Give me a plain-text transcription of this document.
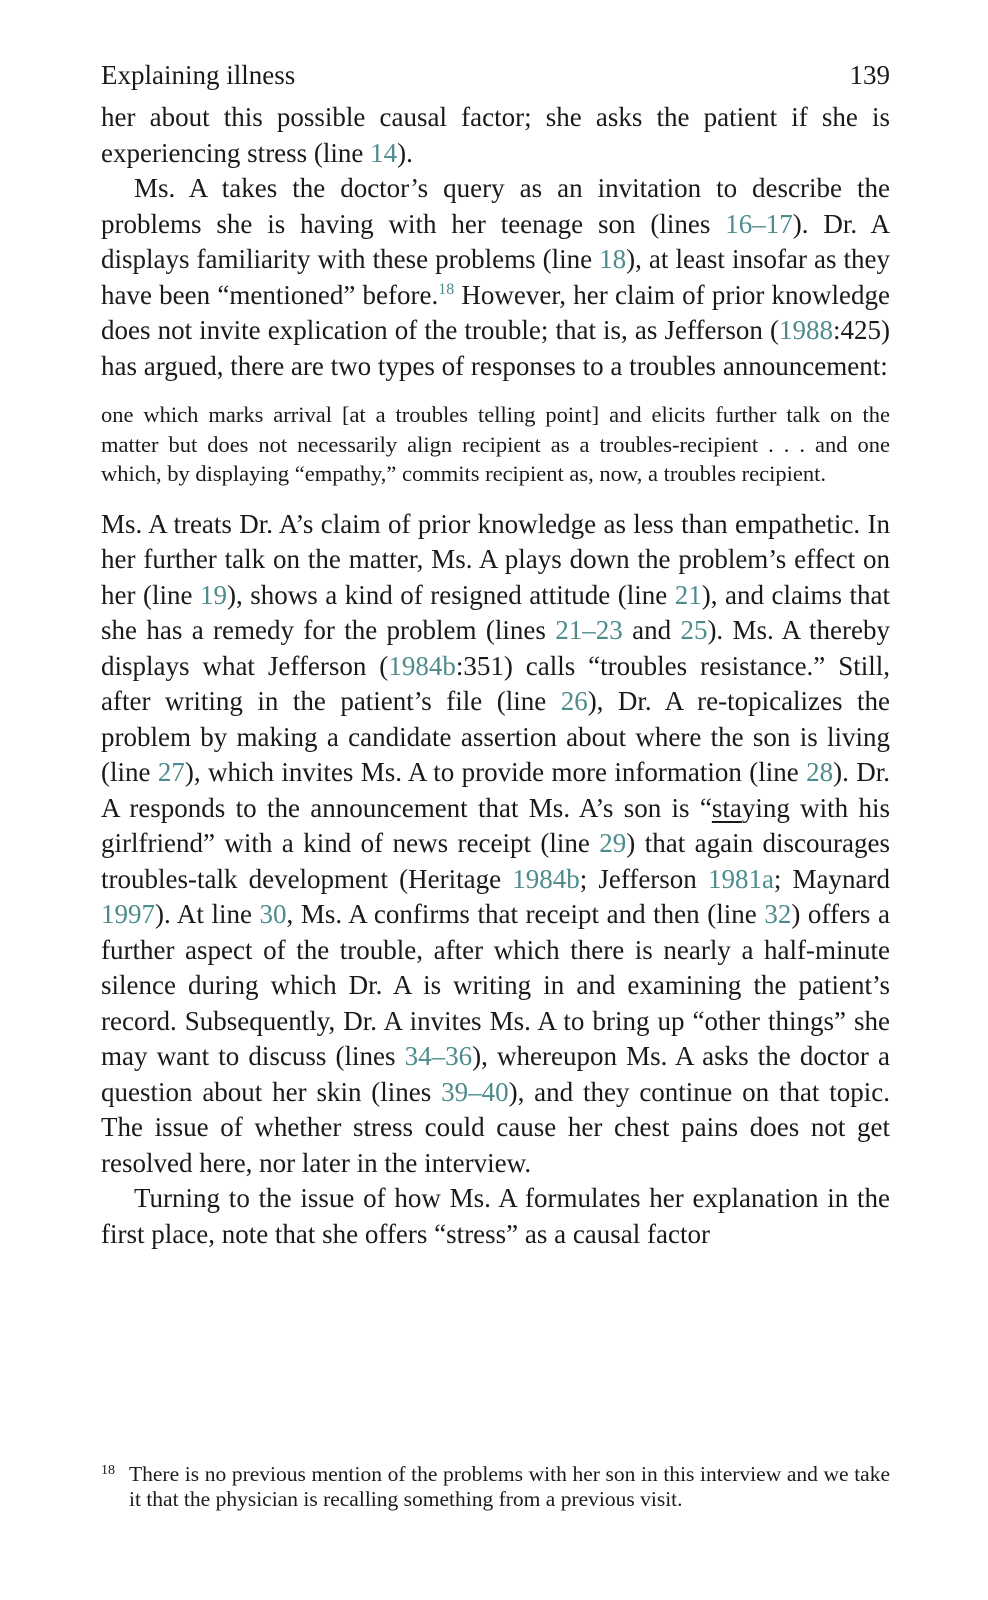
Explaining illness	139

her about this possible causal factor; she asks the patient if she is experiencing stress (line 14).

Ms. A takes the doctor’s query as an invitation to describe the problems she is having with her teenage son (lines 16–17). Dr. A displays familiarity with these problems (line 18), at least insofar as they have been “mentioned” before.$^{18}$ However, her claim of prior knowledge does not invite explication of the trouble; that is, as Jefferson (1988:425) has argued, there are two types of responses to a troubles announcement:

one which marks arrival [at a troubles telling point] and elicits further talk on the matter but does not necessarily align recipient as a troubles-recipient . . . and one which, by displaying “empathy,” commits recipient as, now, a troubles recipient.

Ms. A treats Dr. A’s claim of prior knowledge as less than empathetic. In her further talk on the matter, Ms. A plays down the problem’s effect on her (line 19), shows a kind of resigned attitude (line 21), and claims that she has a remedy for the problem (lines 21–23 and 25). Ms. A thereby displays what Jefferson (1984b:351) calls “troubles resistance.” Still, after writing in the patient’s file (line 26), Dr. A re-topicalizes the problem by making a candidate assertion about where the son is living (line 27), which invites Ms. A to provide more information (line 28). Dr. A responds to the announcement that Ms. A’s son is “staying with his girlfriend” with a kind of news receipt (line 29) that again discourages troubles-talk development (Heritage 1984b; Jefferson 1981a; Maynard 1997). At line 30, Ms. A confirms that receipt and then (line 32) offers a further aspect of the trouble, after which there is nearly a half-minute silence during which Dr. A is writing in and examining the patient’s record. Subsequently, Dr. A invites Ms. A to bring up “other things” she may want to discuss (lines 34–36), whereupon Ms. A asks the doctor a question about her skin (lines 39–40), and they continue on that topic. The issue of whether stress could cause her chest pains does not get resolved here, nor later in the interview.

Turning to the issue of how Ms. A formulates her explanation in the first place, note that she offers “stress” as a causal factor

18 There is no previous mention of the problems with her son in this interview and we take it that the physician is recalling something from a previous visit.
